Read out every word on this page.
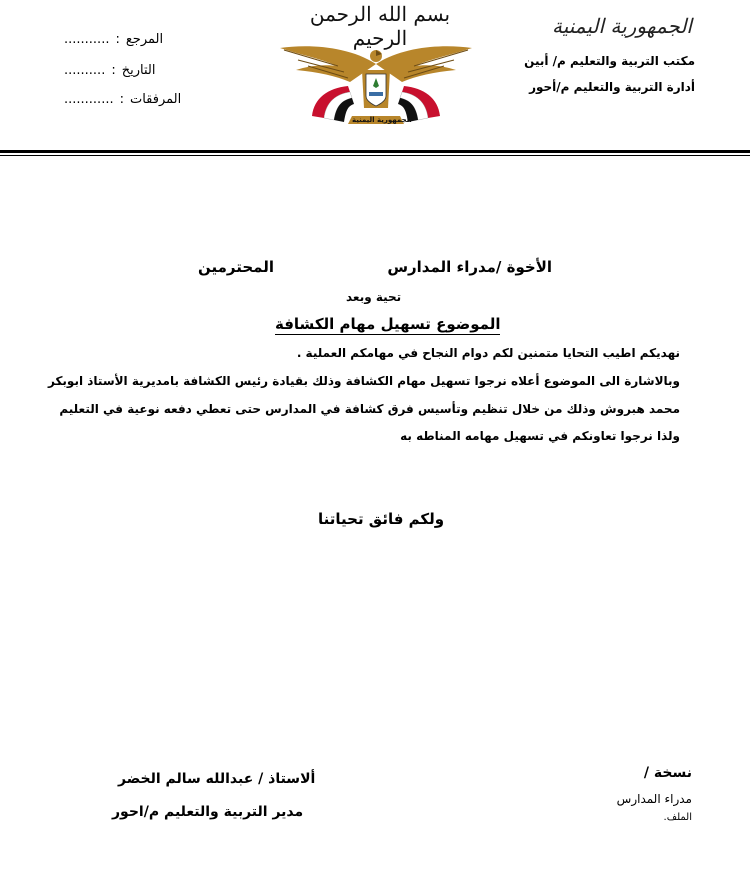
الجمهورية اليمنية
مكتب التربية والتعليم م/ أبين
أدارة التربية والتعليم م/أحور
بسم الله الرحمن الرحيم
الجمهورية اليمنية
........... : المرجع
.......... : التاريخ
............ : المرفقات
الأخوة /مدراء المدارس
المحترمين
تحية وبعد
الموضوع تسهيل مهام الكشافة
نهديكم اطيب التحايا متمنين لكم دوام النجاح في مهامكم العملية .
وبالاشارة الى الموضوع أعلاه نرجوا تسهيل مهام الكشافة وذلك بقيادة رئيس الكشافة بامديرية الأستاذ ابوبكر
محمد هبروش وذلك من خلال تنظيم وتأسيس فرق كشافة في المدارس حتى تعطي دفعه نوعية في التعليم
ولذا نرجوا تعاونكم في تسهيل مهامه المناطه به
ولكم فائق تحياتنا
نسخة /
مدراء المدارس
الملف.
ألاستاذ / عبدالله سالم الخضر
مدير التربية والتعليم م/احور
